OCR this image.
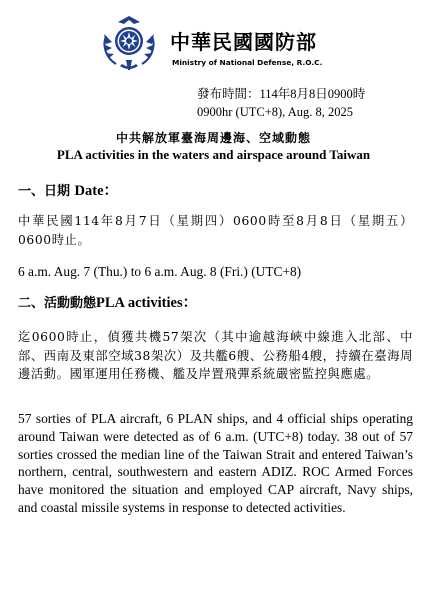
中華民國國防部
Ministry of National Defense, R.O.C.
發布時間：114年8月8日0900時
0900hr (UTC+8), Aug. 8, 2025
中共解放軍臺海周邊海、空域動態
PLA activities in the waters and airspace around Taiwan
一、日期 Date：
中華民國114年8月7日（星期四）0600時至8月8日（星期五）0600時止。
6 a.m. Aug. 7 (Thu.) to 6 a.m. Aug. 8 (Fri.) (UTC+8)
二、活動動態PLA activities：
迄0600時止，偵獲共機57架次（其中逾越海峽中線進入北部、中部、西南及東部空域38架次）及共艦6艘、公務船4艘，持續在臺海周邊活動。國軍運用任務機、艦及岸置飛彈系統嚴密監控與應處。
57 sorties of PLA aircraft, 6 PLAN ships, and 4 official ships operating around Taiwan were detected as of 6 a.m. (UTC+8) today. 38 out of 57 sorties crossed the median line of the Taiwan Strait and entered Taiwan’s northern, central, southwestern and eastern ADIZ. ROC Armed Forces have monitored the situation and employed CAP aircraft, Navy ships, and coastal missile systems in response to detected activities.
